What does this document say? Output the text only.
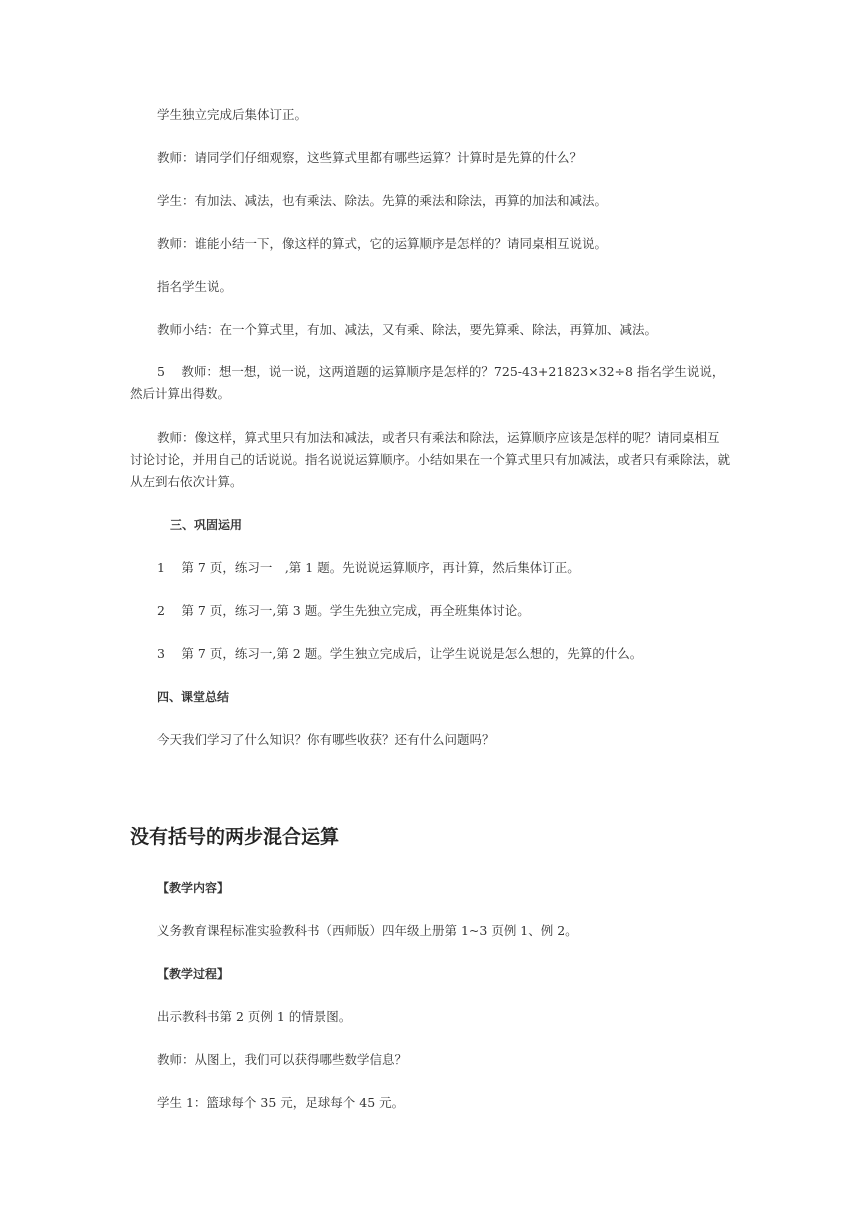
学生独立完成后集体订正。

教师：请同学们仔细观察，这些算式里都有哪些运算？计算时是先算的什么？

学生：有加法、减法，也有乘法、除法。先算的乘法和除法，再算的加法和减法。

教师：谁能小结一下，像这样的算式，它的运算顺序是怎样的？请同桌相互说说。

指名学生说。

教师小结：在一个算式里，有加、减法，又有乘、除法，要先算乘、除法，再算加、减法。

5　 教师：想一想，说一说，这两道题的运算顺序是怎样的？725-43+21823×32÷8 指名学生说说，然后计算出得数。

教师：像这样，算式里只有加法和减法，或者只有乘法和除法，运算顺序应该是怎样的呢？请同桌相互讨论讨论，并用自己的话说说。指名说说运算顺序。小结如果在一个算式里只有加减法，或者只有乘除法，就从左到右依次计算。

三、巩固运用

1　 第 7 页，练习一　,第 1 题。先说说运算顺序，再计算，然后集体订正。

2　 第 7 页，练习一,第 3 题。学生先独立完成，再全班集体讨论。

3　 第 7 页，练习一,第 2 题。学生独立完成后，让学生说说是怎么想的，先算的什么。

四、课堂总结

今天我们学习了什么知识？你有哪些收获？还有什么问题吗？

没有括号的两步混合运算

【教学内容】

义务教育课程标准实验教科书（西师版）四年级上册第 1~3 页例 1、例 2。

【教学过程】

出示教科书第 2 页例 1 的情景图。

教师：从图上，我们可以获得哪些数学信息？

学生 1：篮球每个 35 元，足球每个 45 元。
